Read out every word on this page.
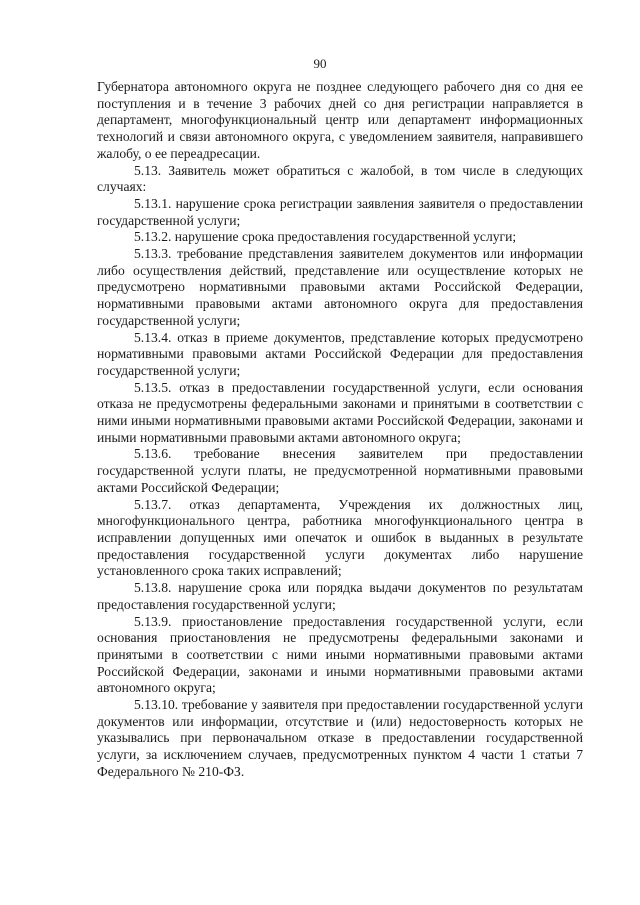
90

Губернатора автономного округа не позднее следующего рабочего дня со дня ее поступления и в течение 3 рабочих дней со дня регистрации направляется в департамент, многофункциональный центр или департамент информационных технологий и связи автономного округа, с уведомлением заявителя, направившего жалобу, о ее переадресации.

5.13. Заявитель может обратиться с жалобой, в том числе в следующих случаях:

5.13.1. нарушение срока регистрации заявления заявителя о предоставлении государственной услуги;

5.13.2. нарушение срока предоставления государственной услуги;

5.13.3. требование представления заявителем документов или информации либо осуществления действий, представление или осуществление которых не предусмотрено нормативными правовыми актами Российской Федерации, нормативными правовыми актами автономного округа для предоставления государственной услуги;

5.13.4. отказ в приеме документов, представление которых предусмотрено нормативными правовыми актами Российской Федерации для предоставления государственной услуги;

5.13.5. отказ в предоставлении государственной услуги, если основания отказа не предусмотрены федеральными законами и принятыми в соответствии с ними иными нормативными правовыми актами Российской Федерации, законами и иными нормативными правовыми актами автономного округа;

5.13.6. требование внесения заявителем при предоставлении государственной услуги платы, не предусмотренной нормативными правовыми актами Российской Федерации;

5.13.7. отказ департамента, Учреждения их должностных лиц, многофункционального центра, работника многофункционального центра в исправлении допущенных ими опечаток и ошибок в выданных в результате предоставления государственной услуги документах либо нарушение установленного срока таких исправлений;

5.13.8. нарушение срока или порядка выдачи документов по результатам предоставления государственной услуги;

5.13.9. приостановление предоставления государственной услуги, если основания приостановления не предусмотрены федеральными законами и принятыми в соответствии с ними иными нормативными правовыми актами Российской Федерации, законами и иными нормативными правовыми актами автономного округа;

5.13.10. требование у заявителя при предоставлении государственной услуги документов или информации, отсутствие и (или) недостоверность которых не указывались при первоначальном отказе в предоставлении государственной услуги, за исключением случаев, предусмотренных пунктом 4 части 1 статьи 7 Федерального № 210-ФЗ.
